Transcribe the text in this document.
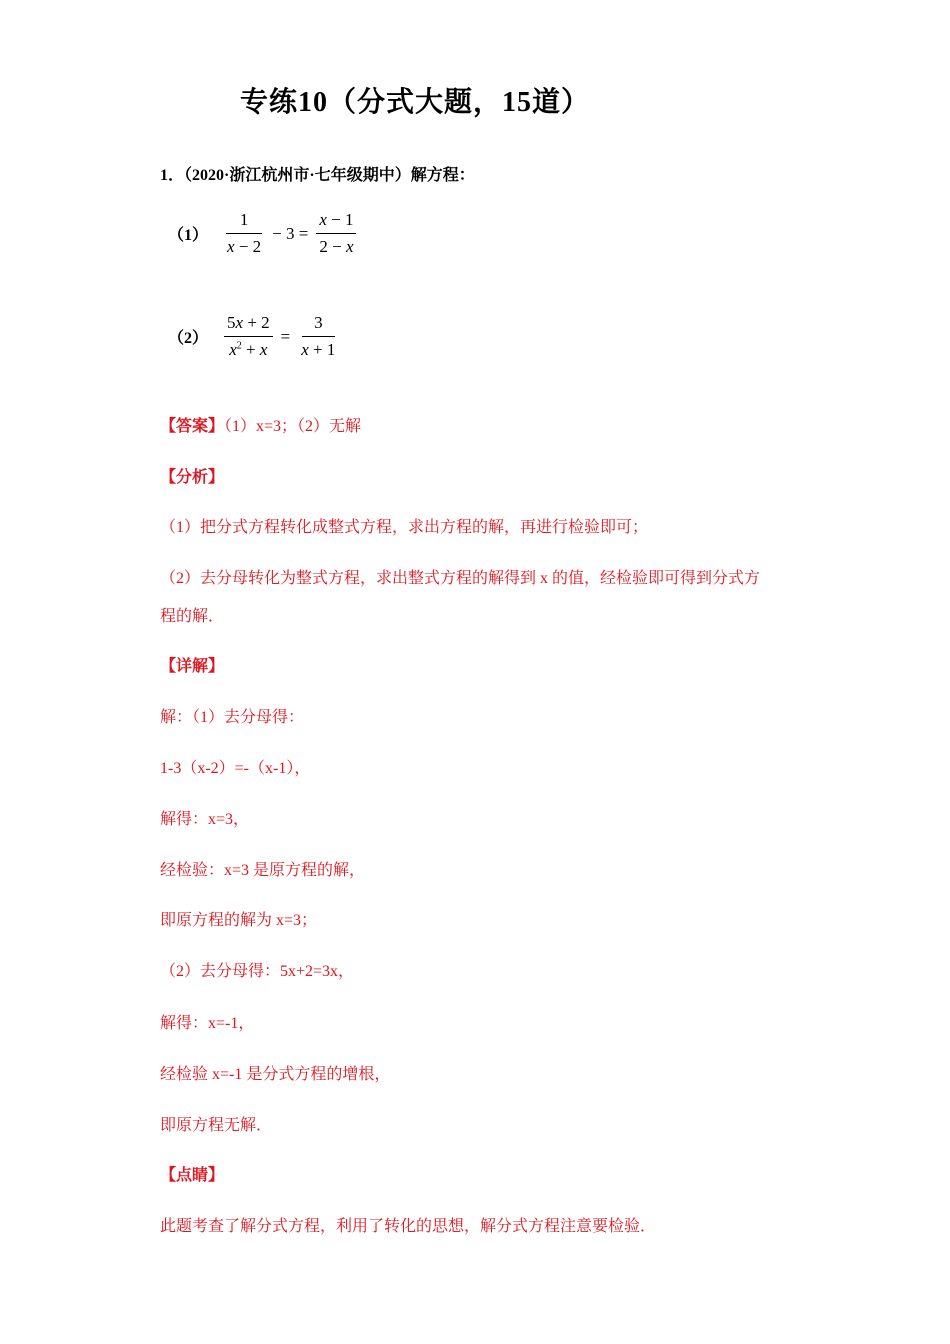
专练10（分式大题，15道）
1．（2020·浙江杭州市·七年级期中）解方程：
$(1) \frac{1}{x - 2} - 3 = \frac{x - 1}{2 - x}$
$(2) \frac{5x + 2}{x^2 + x} = \frac{3}{x + 1}$
【答案】（1）x=3；（2）无解
【分析】
（1）把分式方程转化成整式方程，求出方程的解，再进行检验即可；
（2）去分母转化为整式方程，求出整式方程的解得到 x 的值，经检验即可得到分式方
程的解．
【详解】
解：（1）去分母得：
1-3（x-2）=-（x-1），
解得：x=3，
经检验：x=3 是原方程的解，
即原方程的解为 x=3；
（2）去分母得：5x+2=3x，
解得：x=-1，
经检验 x=-1 是分式方程的增根，
即原方程无解．
【点睛】
此题考查了解分式方程，利用了转化的思想，解分式方程注意要检验．
